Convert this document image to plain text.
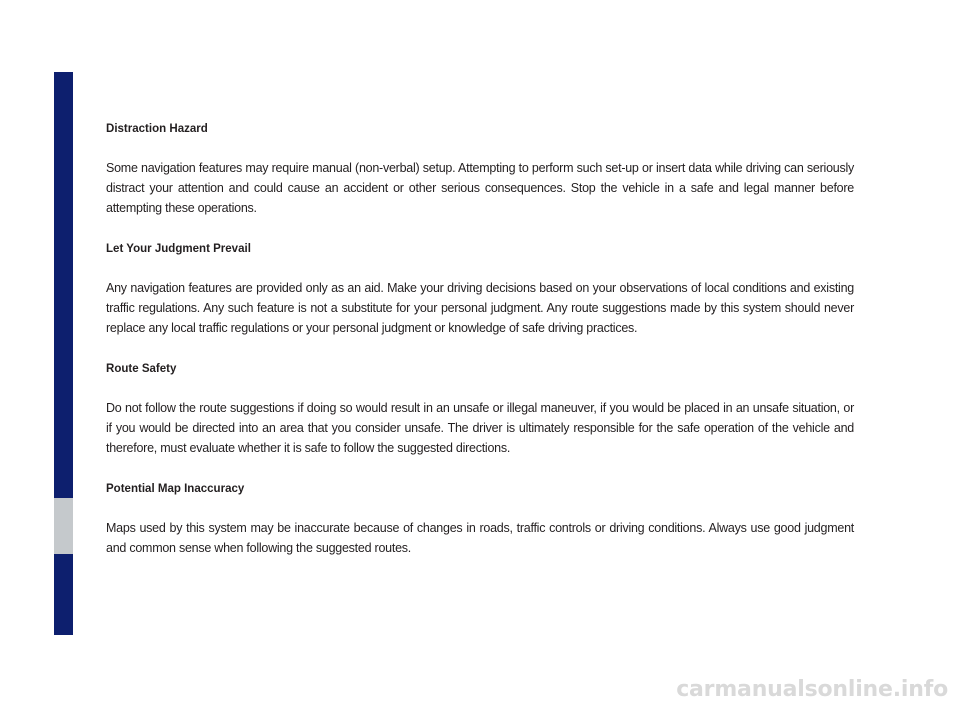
Distraction Hazard

Some navigation features may require manual (non-verbal) setup. Attempting to perform such set-up or insert data while driving can seriously distract your attention and could cause an accident or other serious consequences. Stop the vehicle in a safe and legal manner before attempting these operations.

Let Your Judgment Prevail

Any navigation features are provided only as an aid. Make your driving decisions based on your observations of local conditions and existing traffic regulations. Any such feature is not a substitute for your personal judgment. Any route suggestions made by this system should never replace any local traffic regulations or your personal judgment or knowledge of safe driving practices.

Route Safety

Do not follow the route suggestions if doing so would result in an unsafe or illegal maneuver, if you would be placed in an unsafe situation, or if you would be directed into an area that you consider unsafe. The driver is ultimately responsible for the safe operation of the vehicle and therefore, must evaluate whether it is safe to follow the suggested directions.

Potential Map Inaccuracy

Maps used by this system may be inaccurate because of changes in roads, traffic controls or driving conditions. Always use good judgment and common sense when following the suggested routes.

carmanualsonline.info
